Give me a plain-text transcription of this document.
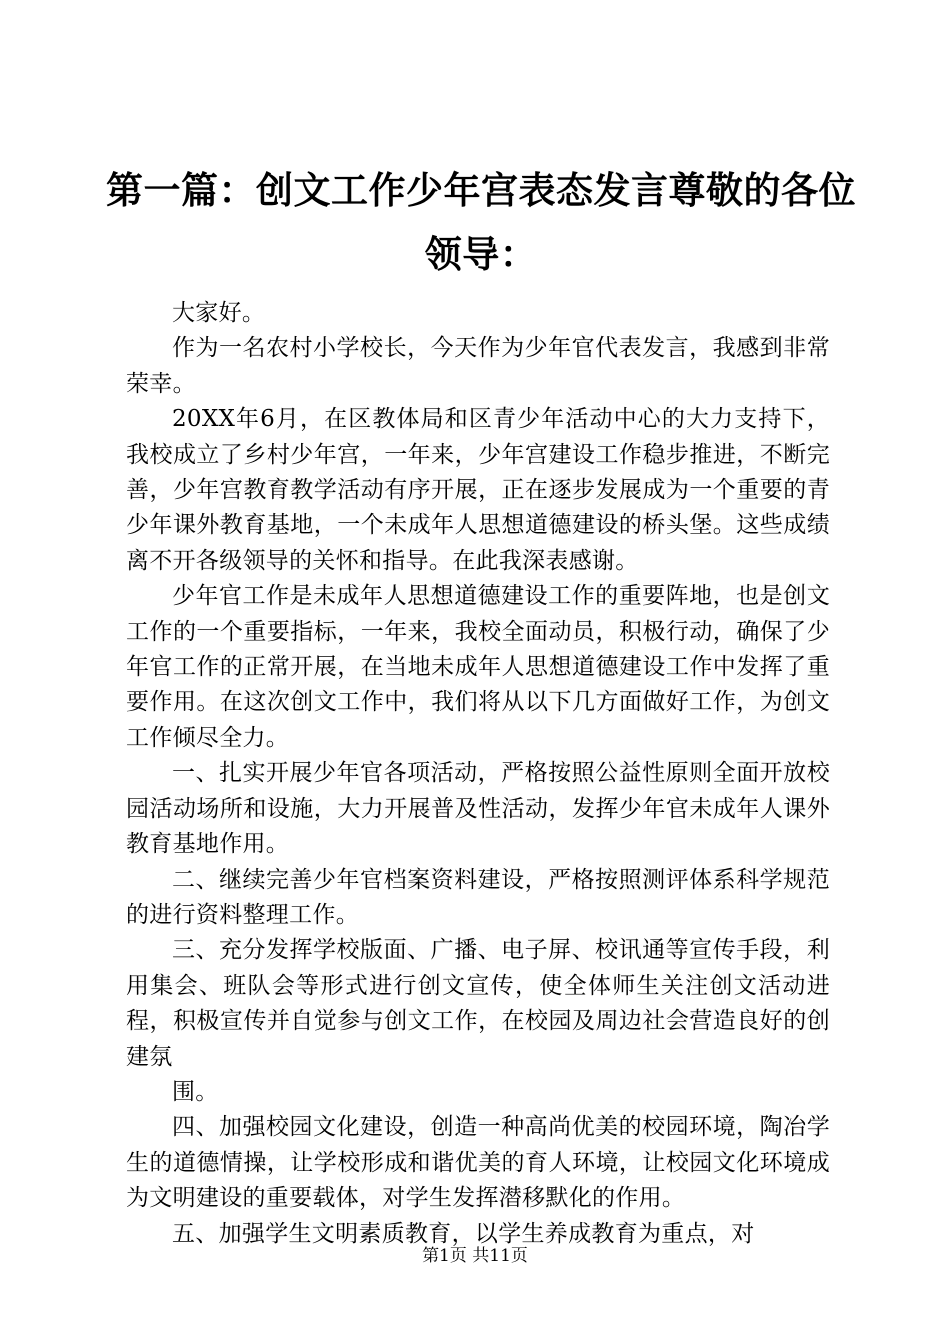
第一篇：创文工作少年宫表态发言尊敬的各位领导：

大家好。

作为一名农村小学校长，今天作为少年官代表发言，我感到非常荣幸。

20XX年6月，在区教体局和区青少年活动中心的大力支持下，我校成立了乡村少年宫，一年来，少年宫建设工作稳步推进，不断完善，少年宫教育教学活动有序开展，正在逐步发展成为一个重要的青少年课外教育基地，一个未成年人思想道德建设的桥头堡。这些成绩离不开各级领导的关怀和指导。在此我深表感谢。

少年官工作是未成年人思想道德建设工作的重要阵地，也是创文工作的一个重要指标，一年来，我校全面动员，积极行动，确保了少年官工作的正常开展，在当地未成年人思想道德建设工作中发挥了重要作用。在这次创文工作中，我们将从以下几方面做好工作，为创文工作倾尽全力。

一、扎实开展少年官各项活动，严格按照公益性原则全面开放校园活动场所和设施，大力开展普及性活动，发挥少年官未成年人课外教育基地作用。

二、继续完善少年官档案资料建设，严格按照测评体系科学规范的进行资料整理工作。

三、充分发挥学校版面、广播、电子屏、校讯通等宣传手段，利用集会、班队会等形式进行创文宣传，使全体师生关注创文活动进程，积极宣传并自觉参与创文工作，在校园及周边社会营造良好的创建氛

围。

四、加强校园文化建设，创造一种高尚优美的校园环境，陶冶学生的道德情操，让学校形成和谐优美的育人环境，让校园文化环境成为文明建设的重要载体，对学生发挥潜移默化的作用。

五、加强学生文明素质教育，以学生养成教育为重点，对

第1页 共11页
